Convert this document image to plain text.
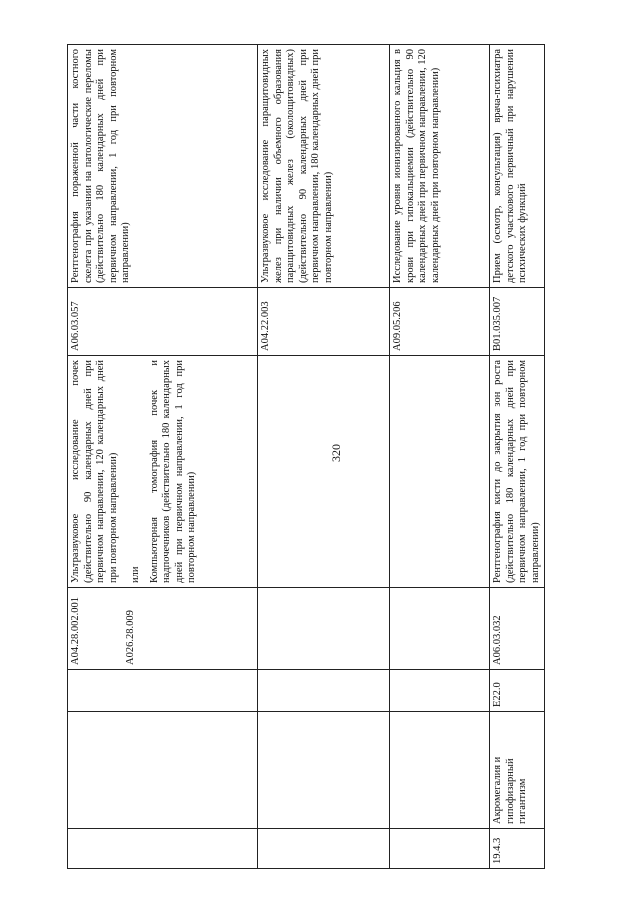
320

			A04.28.002.001 A026.28.009	Ультразвуковое исследование почек (действительно 90 календарных дней при первичном направлении, 120 календарных дней при повторном направлении) или Компьютерная томография почек и надпочечников (действительно 180 календарных дней при первичном направлении, 1 год при повторном направлении)	A06.03.057	Рентгенография пораженной части костного скелета при указании на патологические переломы (действительно 180 календарных дней при первичном направлении, 1 год при повторном направлении)
					A04.22.003	Ультразвуковое исследование паращитовидных желез при наличии объемного образования паращитовидных желез (околощитовидных) (действительно 90 календарных дней при первичном направлении, 180 календарных дней при повторном направлении)
					A09.05.206	Исследование уровня ионизированного кальция в крови при гипокальциемии (действительно 90 календарных дней при первичном направлении, 120 календарных дней при повторном направлении)
19.4.3	Акромегалия и гипофизарный гигантизм	E22.0	A06.03.032	Рентгенография кисти до закрытия зон роста (действительно 180 календарных дней при первичном направлении, 1 год при повторном направлении)	B01.035.007	Прием (осмотр, консультация) врача-психиатра детского участкового первичный при нарушении психических функций
